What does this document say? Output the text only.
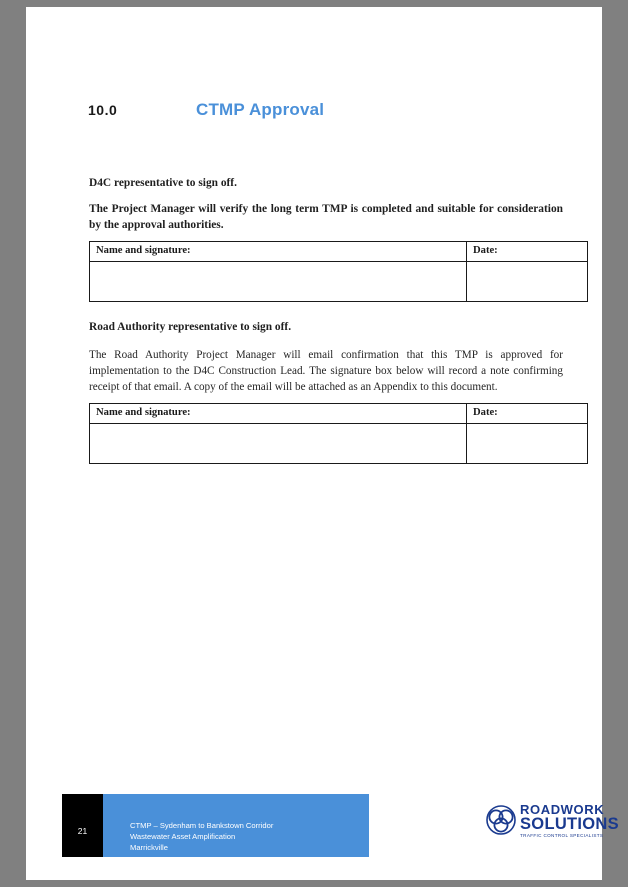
10.0	CTMP Approval
D4C representative to sign off.
The Project Manager will verify the long term TMP is completed and suitable for consideration by the approval authorities.
Name and signature:	Date:

Road Authority representative to sign off.
The Road Authority Project Manager will email confirmation that this TMP is approved for implementation to the D4C Construction Lead. The signature box below will record a note confirming receipt of that email. A copy of the email will be attached as an Appendix to this document.
Name and signature:	Date:

21
CTMP – Sydenham to Bankstown Corridor
Wastewater Asset Amplification
Marrickville
ROADWORK
SOLUTIONS
TRAFFIC CONTROL SPECIALISTS
